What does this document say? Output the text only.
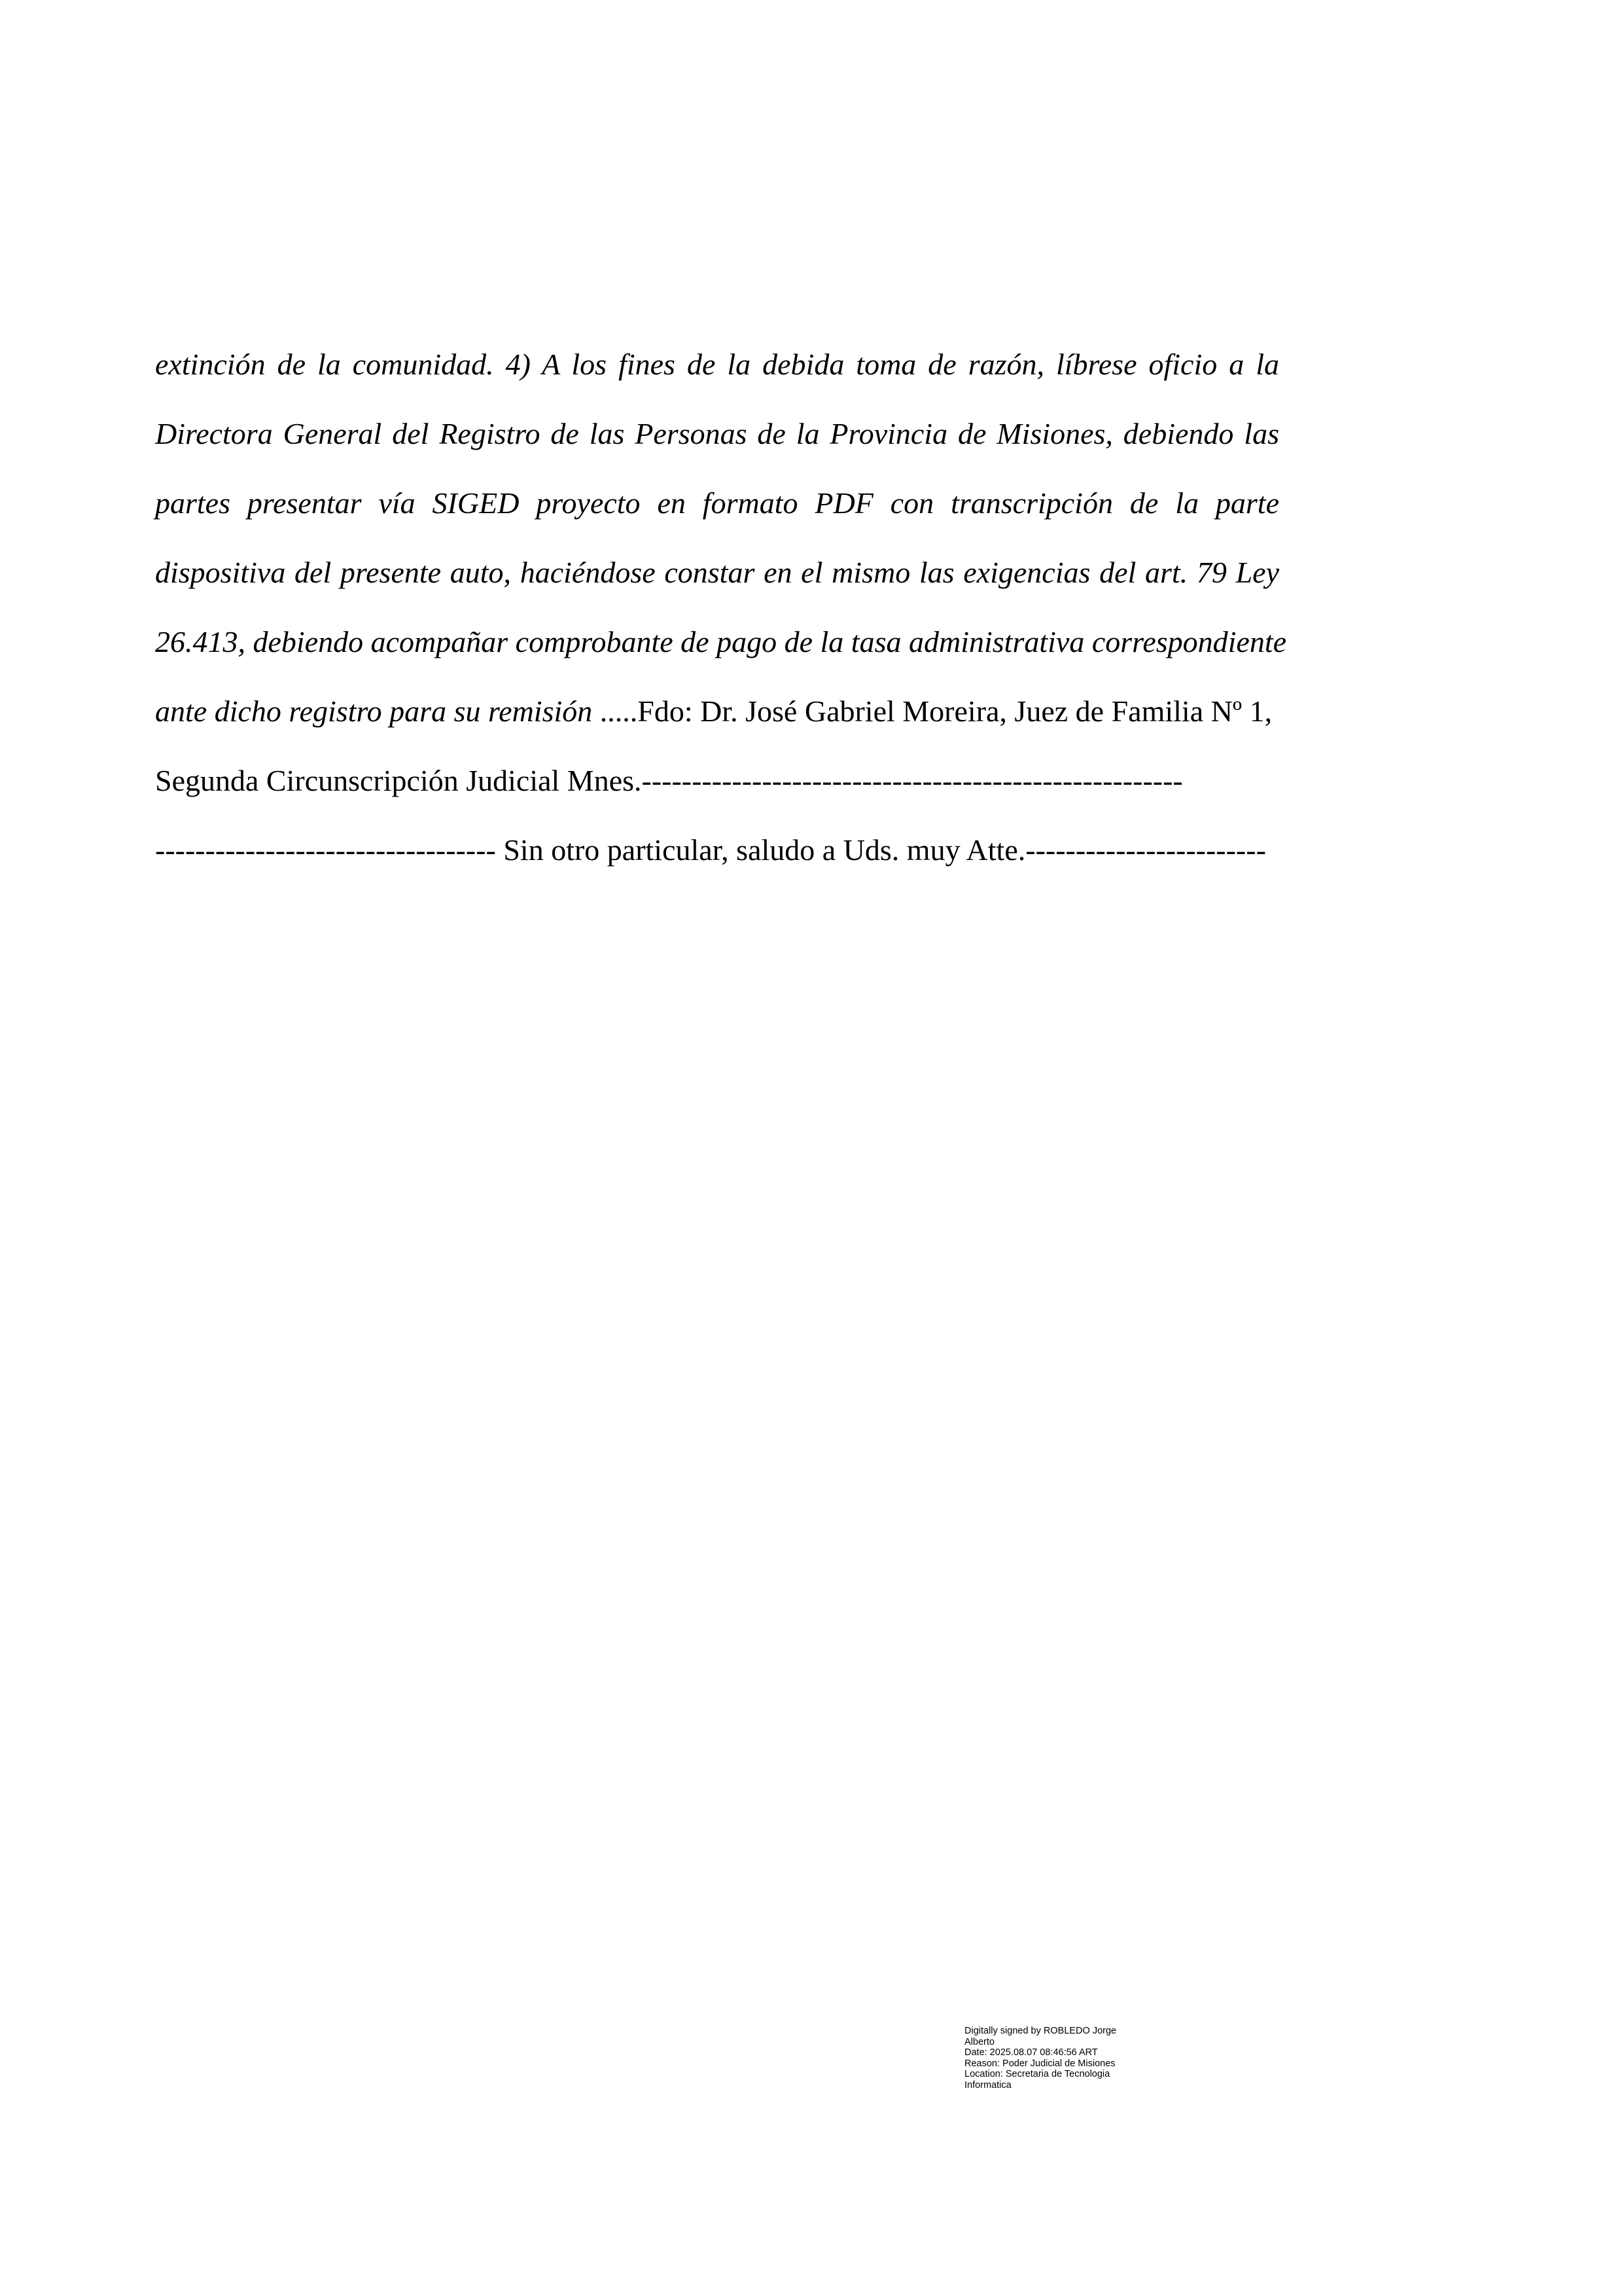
extinción de la comunidad. 4) A los fines de la debida toma de razón, líbrese oficio a la
Directora General del Registro de las Personas de la Provincia de Misiones, debiendo las
partes presentar vía SIGED proyecto en formato PDF con transcripción de la parte
dispositiva del presente auto, haciéndose constar en el mismo las exigencias del art. 79 Ley
26.413, debiendo acompañar comprobante de pago de la tasa administrativa correspondiente
ante dicho registro para su remisión .....Fdo: Dr. José Gabriel Moreira, Juez de Familia Nº 1,
Segunda Circunscripción Judicial Mnes.------------------------------------------------------
---------------------------------- Sin otro particular, saludo a Uds. muy Atte.------------------------
Digitally signed by ROBLEDO Jorge
Alberto
Date: 2025.08.07 08:46:56 ART
Reason: Poder Judicial de Misiones
Location: Secretaria de Tecnologia
Informatica
